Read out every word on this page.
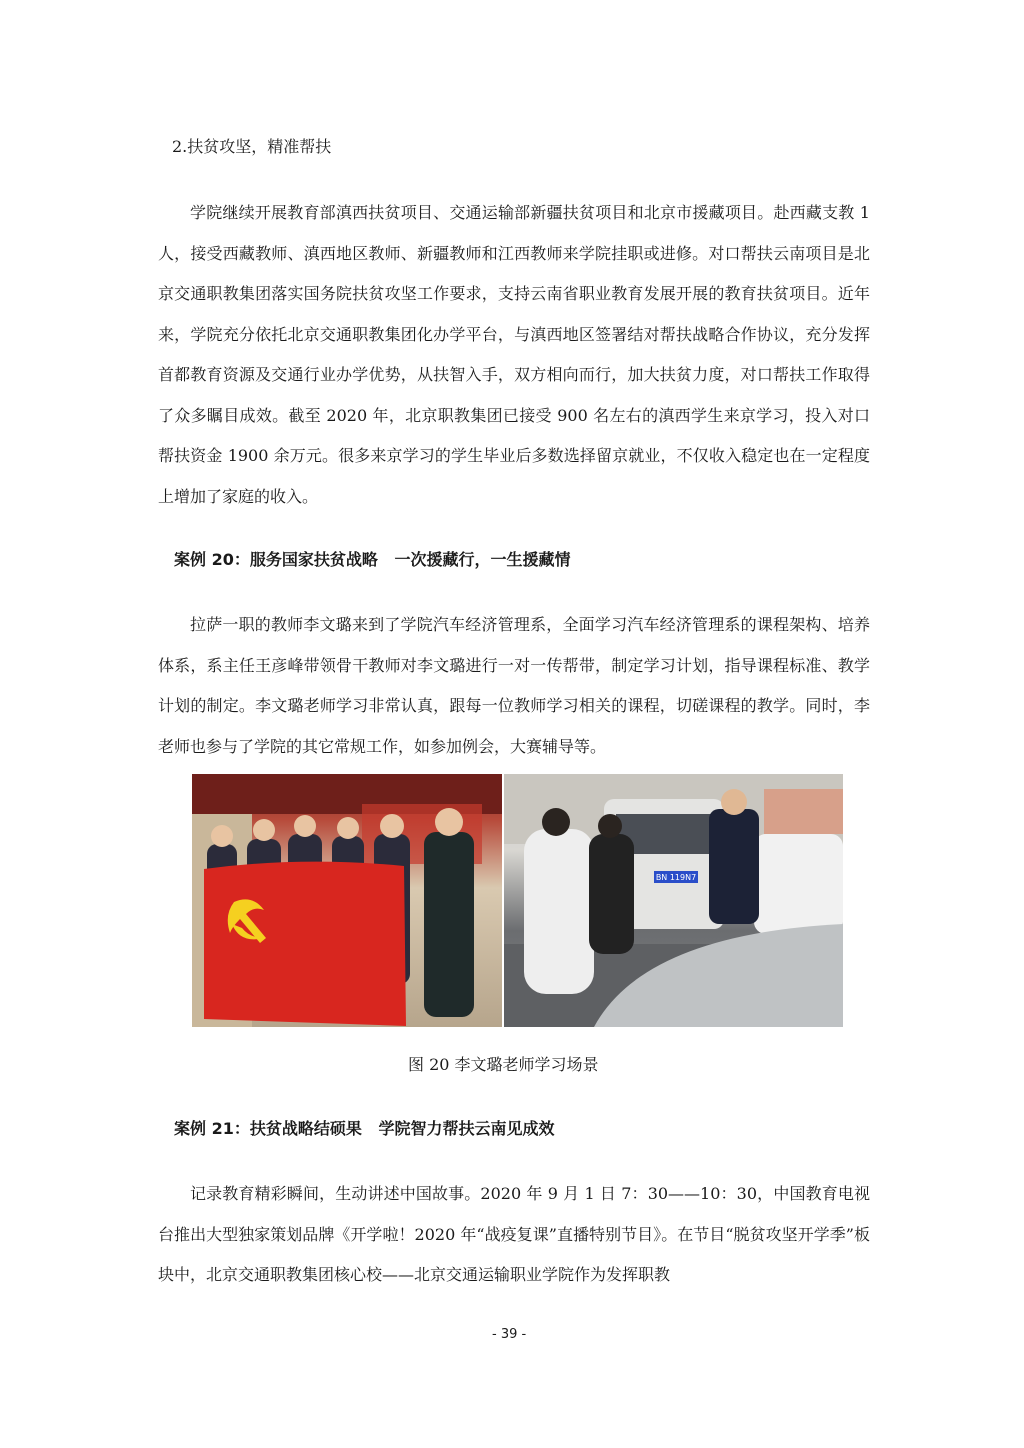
2.扶贫攻坚，精准帮扶

学院继续开展教育部滇西扶贫项目、交通运输部新疆扶贫项目和北京市援藏项目。赴西藏支教 1 人，接受西藏教师、滇西地区教师、新疆教师和江西教师来学院挂职或进修。对口帮扶云南项目是北京交通职教集团落实国务院扶贫攻坚工作要求，支持云南省职业教育发展开展的教育扶贫项目。近年来，学院充分依托北京交通职教集团化办学平台，与滇西地区签署结对帮扶战略合作协议，充分发挥首都教育资源及交通行业办学优势，从扶智入手，双方相向而行，加大扶贫力度，对口帮扶工作取得了众多瞩目成效。截至 2020 年，北京职教集团已接受 900 名左右的滇西学生来京学习，投入对口帮扶资金 1900 余万元。很多来京学习的学生毕业后多数选择留京就业，不仅收入稳定也在一定程度上增加了家庭的收入。

案例 20：服务国家扶贫战略   一次援藏行，一生援藏情

拉萨一职的教师李文璐来到了学院汽车经济管理系，全面学习汽车经济管理系的课程架构、培养体系，系主任王彦峰带领骨干教师对李文璐进行一对一传帮带，制定学习计划，指导课程标准、教学计划的制定。李文璐老师学习非常认真，跟每一位教师学习相关的课程，切磋课程的教学。同时，李老师也参与了学院的其它常规工作，如参加例会，大赛辅导等。

BN 119N7
图 20 李文璐老师学习场景
案例 21：扶贫战略结硕果   学院智力帮扶云南见成效

记录教育精彩瞬间，生动讲述中国故事。2020 年 9 月 1 日 7：30——10：30，中国教育电视台推出大型独家策划品牌《开学啦！2020 年“战疫复课”直播特别节目》。在节目“脱贫攻坚开学季”板块中，北京交通职教集团核心校——北京交通运输职业学院作为发挥职教

- 39 -
